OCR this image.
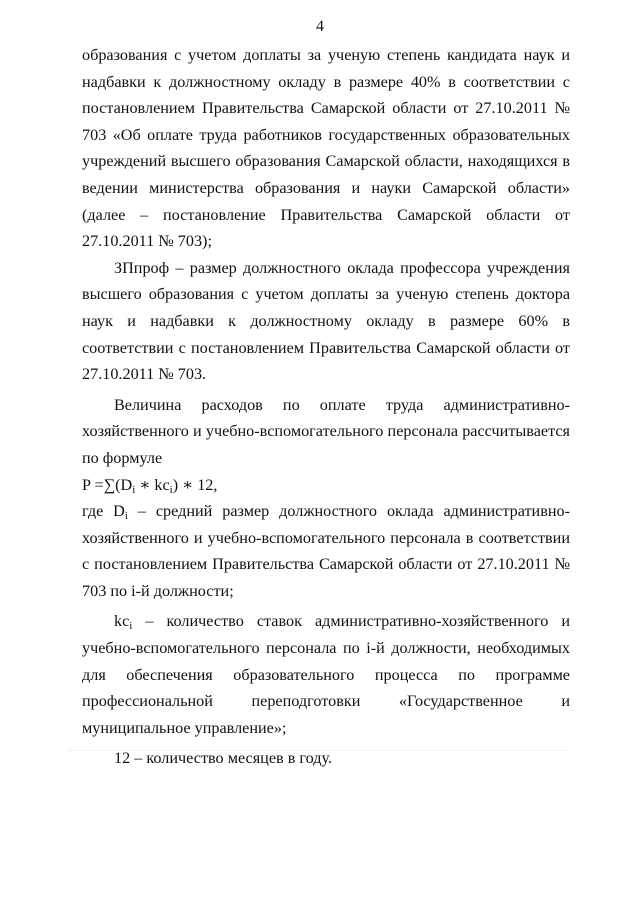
4

образования с учетом доплаты за ученую степень кандидата наук и надбавки к должностному окладу в размере 40% в соответствии с постановлением Правительства Самарской области от 27.10.2011 № 703 «Об оплате труда работников государственных образовательных учреждений высшего образования Самарской области, находящихся в ведении министерства образования и науки Самарской области» (далее – постановление Правительства Самарской области от 27.10.2011 № 703);

ЗПпроф – размер должностного оклада профессора учреждения высшего образования с учетом доплаты за ученую степень доктора наук и надбавки к должностному окладу в размере 60% в соответствии с постановлением Правительства Самарской области от 27.10.2011 № 703.

Величина расходов по оплате труда административно-хозяйственного и учебно-вспомогательного персонала рассчитывается по формуле

$P =\sum(D_i$ ∗ $kc_i$) ∗ 12,

где $D_i$ – средний размер должностного оклада административно-хозяйственного и учебно-вспомогательного персонала в соответствии с постановлением Правительства Самарской области от 27.10.2011 № 703 по i-й должности;

$kc_i$ – количество ставок административно-хозяйственного и учебно-вспомогательного персонала по i-й должности, необходимых для обеспечения образовательного процесса по программе профессиональной переподготовки «Государственное и муниципальное управление»;

12 – количество месяцев в году.
